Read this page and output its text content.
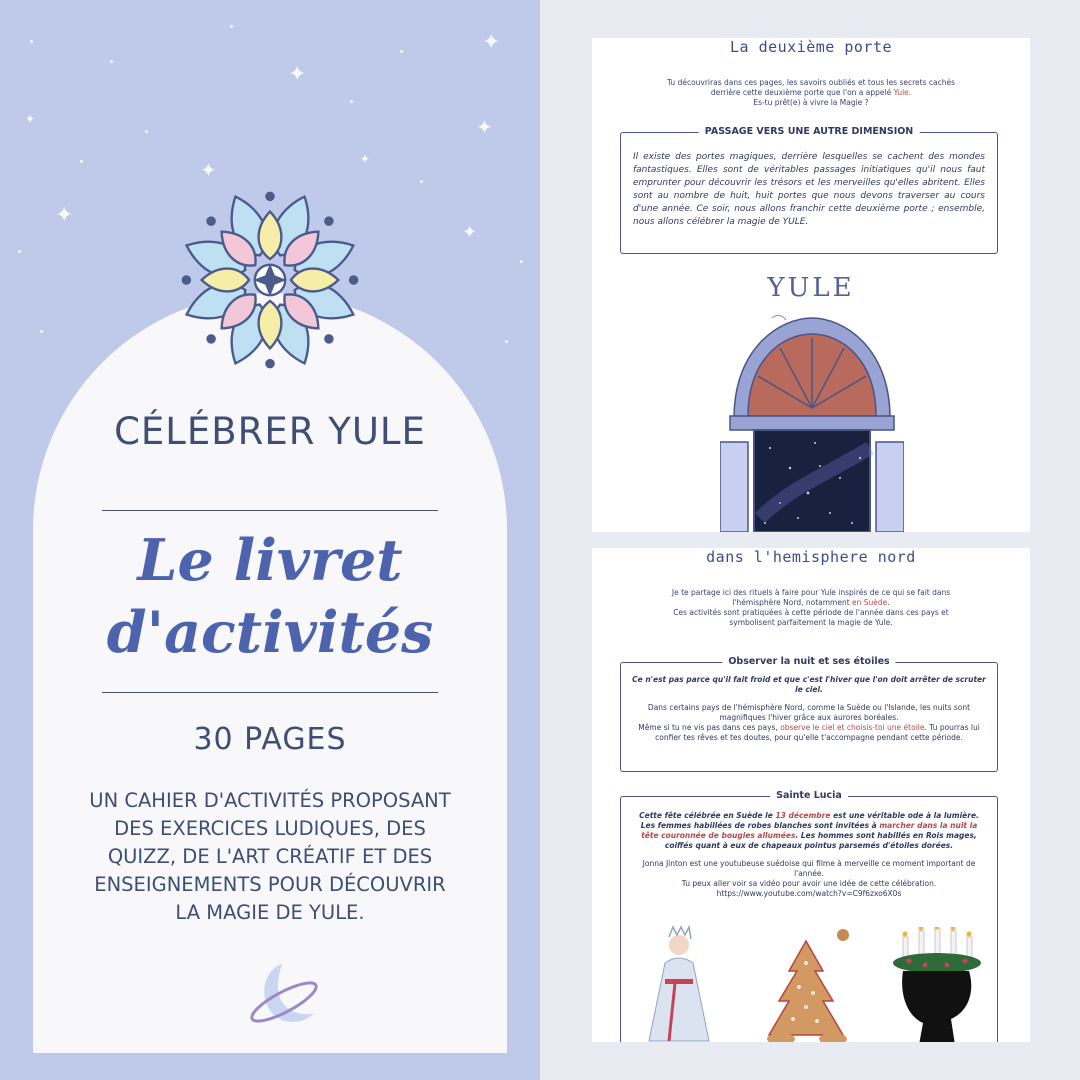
✦
✦
✦
✦
✦
✦
✦
✦
CÉLÉBRER YULE
Le livret
d'activités
30 PAGES
UN CAHIER D'ACTIVITÉS PROPOSANT DES EXERCICES LUDIQUES, DES QUIZZ, DE L'ART CRÉATIF ET DES ENSEIGNEMENTS POUR DÉCOUVRIR LA MAGIE DE YULE.
La deuxième porte
Tu découvriras dans ces pages, les savoirs oubliés et tous les secrets cachés
derrière cette deuxième porte que l'on a appelé Yule.
Es-tu prêt(e) à vivre la Magie ?
PASSAGE VERS UNE AUTRE DIMENSION
Il existe des portes magiques, derrière lesquelles se cachent des mondes fantastiques. Elles sont de véritables passages initiatiques qu'il nous faut emprunter pour découvrir les trésors et les merveilles qu'elles abritent. Elles sont au nombre de huit, huit portes que nous devons traverser au cours d'une année. Ce soir, nous allons franchir cette deuxième porte ; ensemble, nous allons célébrer la magie de YULE.
YULE
dans l'hemisphere nord
Je te partage ici des rituels à faire pour Yule inspirés de ce qui se fait dans
l'hémisphère Nord, notamment en Suède.
Ces activités sont pratiquées à cette période de l'année dans ces pays et
symbolisent parfaitement la magie de Yule.
Observer la nuit et ses étoiles
Ce n'est pas parce qu'il fait froid et que c'est l'hiver que l'on doit arrêter de scruter le ciel.
Dans certains pays de l'hémisphère Nord, comme la Suède ou l'Islande, les nuits sont magnifiques l'hiver grâce aux aurores boréales.
Même si tu ne vis pas dans ces pays, observe le ciel et choisis-toi une étoile. Tu pourras lui confier tes rêves et tes doutes, pour qu'elle t'accompagne pendant cette période.
Sainte Lucia
Cette fête célébrée en Suède le 13 décembre est une véritable ode à la lumière. Les femmes habillées de robes blanches sont invitées à marcher dans la nuit la tête couronnée de bougies allumées. Les hommes sont habillés en Rois mages, coiffés quant à eux de chapeaux pointus parsemés d'étoiles dorées.
Jonna Jinton est une youtubeuse suédoise qui filme à merveille ce moment important de l'année.
Tu peux aller voir sa vidéo pour avoir une idée de cette célébration.
https://www.youtube.com/watch?v=C9f6zxo6X0s
